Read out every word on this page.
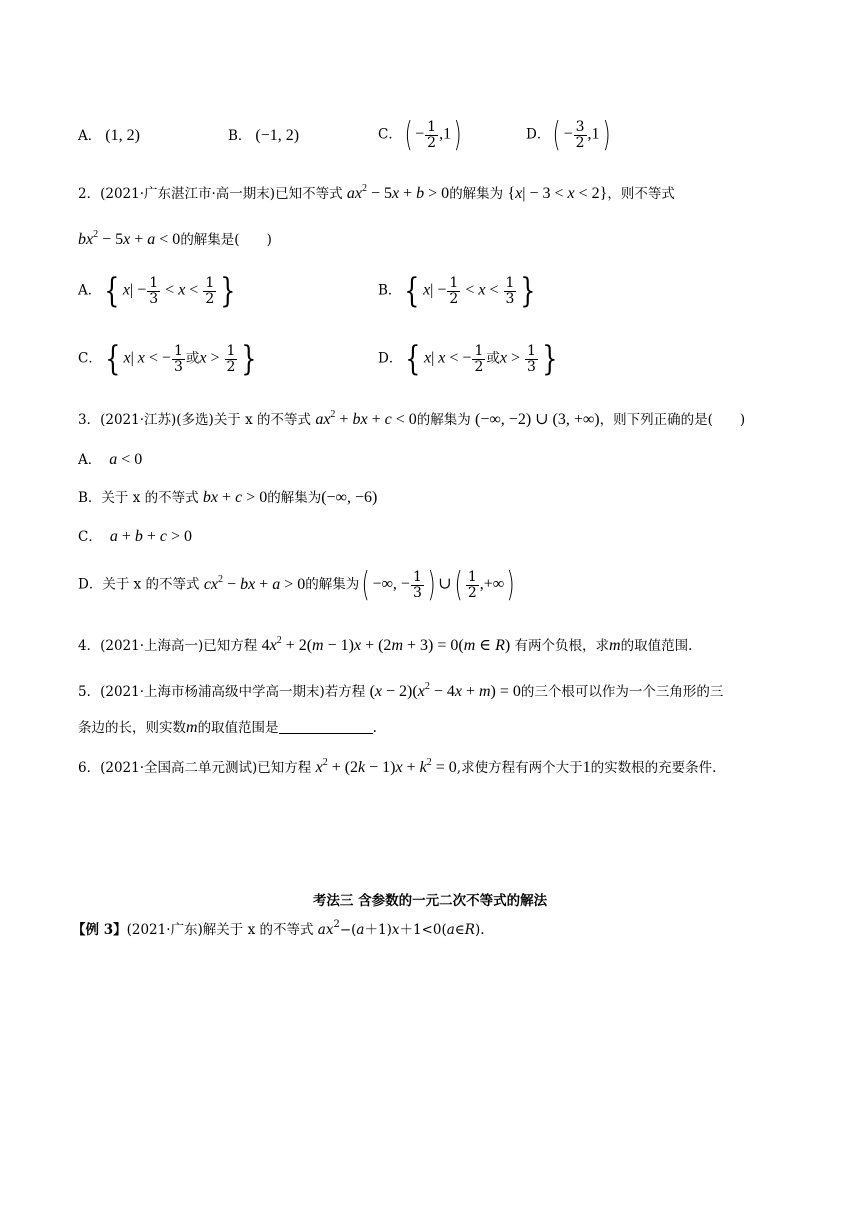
A． (1, 2)	B． (−1, 2)	C．( − $\frac{1}{2} ,1$)	D．( − $\frac{3}{2} ,1$)
2．(2021·广东湛江市·高一期末)已知不等式 $ax^2 - 5x + b > 0$的解集为 {x| − 3 < x < 2}，则不等式
$bx^2 - 5x + a < 0$的解集是(　　)
A．{ $x| - \frac{1}{3} < x < \frac{1}{2}$ }	B．{ $x| - \frac{1}{2} < x < \frac{1}{3}$ }
C．{ x| x < − $\frac{1}{3}$ 或$x > \frac{1}{2}$ }	D．{ x| x < − $\frac{1}{2}$ 或$x > \frac{1}{3}$ }
3．(2021·江苏)(多选)关于 x 的不等式 $ax^2$ + bx + c < 0的解集为 (−∞, −2) ∪ (3, +∞)，则下列正确的是(　　)
A． a < 0
B．关于 x 的不等式 bx + c > 0的解集为(−∞, −6)
C． a + b + c > 0
D．关于 x 的不等式 $cx^2$ − bx + a > 0的解集为( −∞, − $\frac{1}{3}$ ) ∪( $\frac{1}{2}$ ,+∞)
4．(2021·上海高一)已知方程 $4x^2 + 2(m - 1)x + (2m + 3) = 0(m$ ∈ R) 有两个负根，求m的取值范围.
5．(2021·上海市杨浦高级中学高一期末)若方程 $(x - 2)(x^2 - 4x + m) = 0$的三个根可以作为一个三角形的三
条边的长，则实数m的取值范围是	.
6．(2021·全国高二单元测试)已知方程 $x^2 + (2k - 1)x + k^2 = 0$,求使方程有两个大于1的实数根的充要条件.
考法三 含参数的一元二次不等式的解法
【例 3】(2021·广东)解关于 x 的不等式 $ax^2-(a+1)x+1<0(a\in R)$.
